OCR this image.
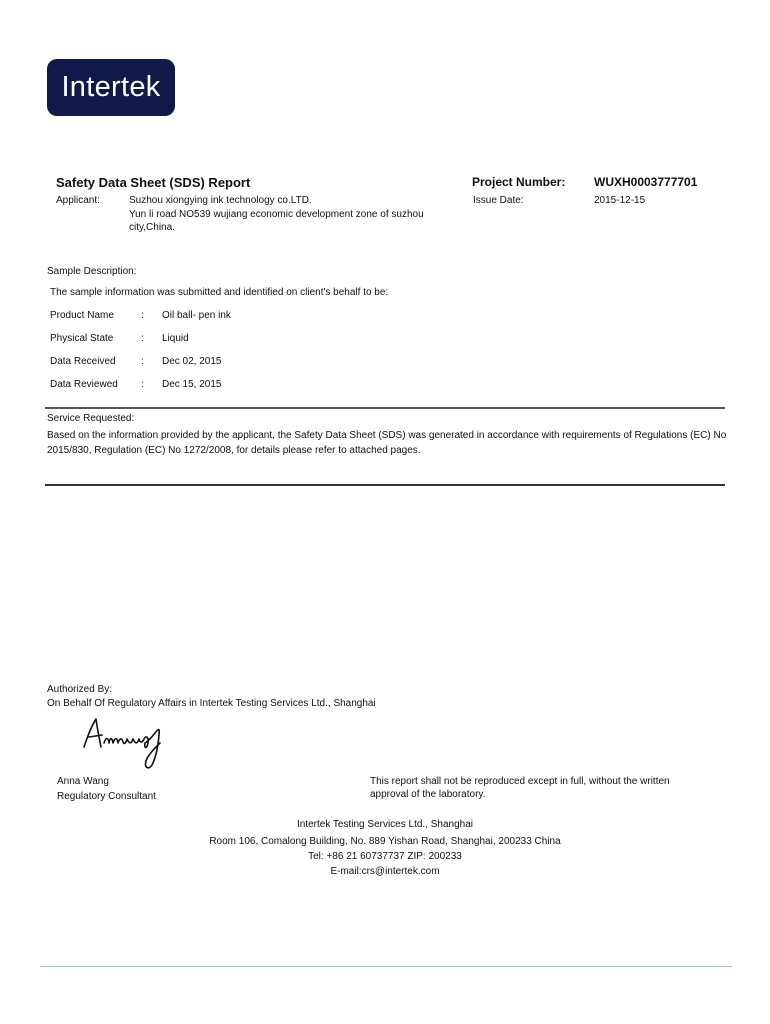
Intertek
Safety Data Sheet (SDS) Report	Project Number: WUXH0003777701
Applicant:	Suzhou xiongying ink technology co.LTD.
Yun li road NO539 wujiang economic development zone of suzhou city,China.
Issue Date:	2015-12-15
Sample Description:
The sample information was submitted and identified on client's behalf to be:
Product Name	: Oil ball- pen ink
Physical State	: Liquid
Data Received	: Dec 02, 2015
Data Reviewed : Dec 15, 2015
Service Requested:
Based on the information provided by the applicant, the Safety Data Sheet (SDS) was generated in accordance with requirements of Regulations (EC) No 2015/830, Regulation (EC) No 1272/2008, for details please refer to attached pages.
Authorized By:
On Behalf Of Regulatory Affairs in Intertek Testing Services Ltd., Shanghai
Anna Wang
Regulatory Consultant
This report shall not be reproduced except in full, without the written approval of the laboratory.
Intertek Testing Services Ltd., Shanghai
Room 106, Comalong Building, No. 889 Yishan Road, Shanghai, 200233 China
Tel: +86 21 60737737 ZIP: 200233
E-mail:crs@intertek.com
